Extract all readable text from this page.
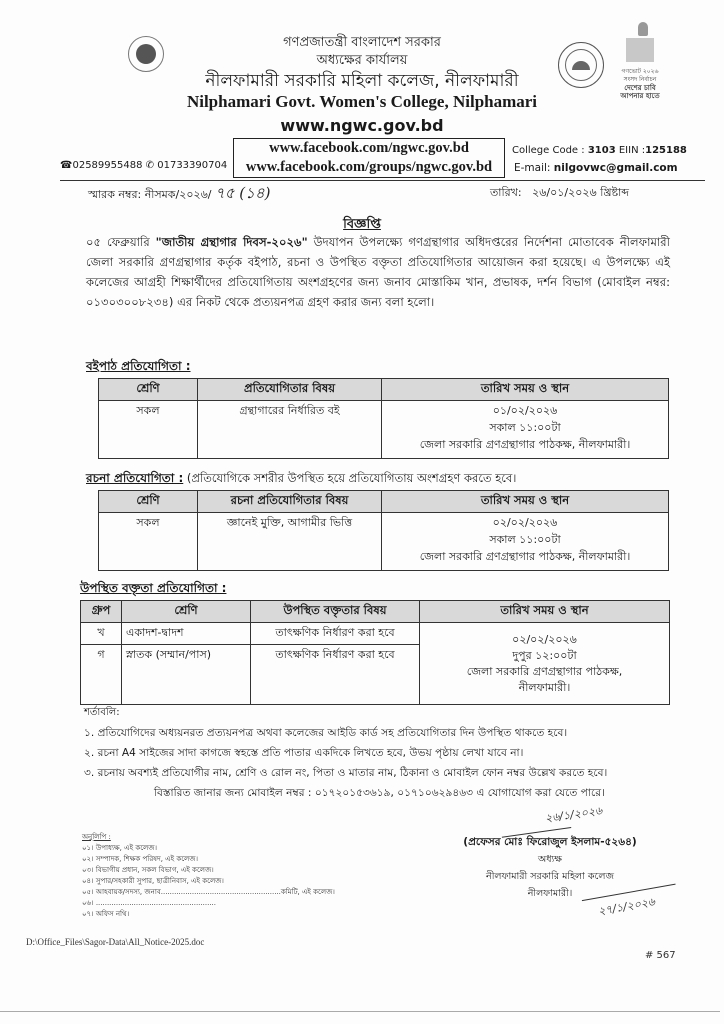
গণভোট ২০২৬
সংসদ নির্বাচন
দেশের চাবি
আপনার হাতে
গণপ্রজাতন্ত্রী বাংলাদেশ সরকার
অধ্যক্ষের কার্যালয়
নীলফামারী সরকারি মহিলা কলেজ, নীলফামারী
Nilphamari Govt. Women's College, Nilphamari
www.ngwc.gov.bd
www.facebook.com/ngwc.gov.bd
www.facebook.com/groups/ngwc.gov.bd
☎02589955488 ✆ 01733390704
College Code : 3103 EIIN :125188
E-mail: nilgovwc@gmail.com
স্মারক নম্বর: নীসমক/২০২৬/ ৭৫ (১৪)	তারিখ: ২৬/০১/২০২৬ খ্রিষ্টাব্দ
বিজ্ঞপ্তি
০৫ ফেব্রুয়ারি "জাতীয় গ্রন্থাগার দিবস-২০২৬" উদযাপন উপলক্ষ্যে গণগ্রন্থাগার অধিদপ্তরের নির্দেশনা মোতাবেক নীলফামারী জেলা সরকারি গ্রণগ্রন্থাগার কর্তৃক বইপাঠ, রচনা ও উপস্থিত বক্তৃতা প্রতিযোগিতার আয়োজন করা হয়েছে। এ উপলক্ষ্যে এই কলেজের আগ্রহী শিক্ষার্থীদের প্রতিযোগিতায় অংশগ্রহণের জন্য জনাব মোস্তাকিম খান, প্রভাষক, দর্শন বিভাগ (মোবাইল নম্বর: ০১৩০৩০০৮২৩৪) এর নিকট থেকে প্রত্যয়নপত্র গ্রহণ করার জন্য বলা হলো।
বইপাঠ প্রতিযোগিতা :
শ্রেণি	প্রতিযোগিতার বিষয়	তারিখ সময় ও স্থান
সকল	গ্রন্থাগারের নির্ধারিত বই	০১/০২/২০২৬
সকাল ১১:০০টা
জেলা সরকারি গ্রণগ্রন্থাগার পাঠকক্ষ, নীলফামারী।
রচনা প্রতিযোগিতা : (প্রতিযোগিকে সশরীর উপস্থিত হয়ে প্রতিযোগিতায় অংশগ্রহণ করতে হবে।
শ্রেণি	রচনা প্রতিযোগিতার বিষয়	তারিখ সময় ও স্থান
সকল	জ্ঞানেই মুক্তি, আগামীর ভিত্তি	০২/০২/২০২৬
সকাল ১১:০০টা
জেলা সরকারি গ্রণগ্রন্থাগার পাঠকক্ষ, নীলফামারী।
উপস্থিত বক্তৃতা প্রতিযোগিতা :
গ্রুপ	শ্রেণি	উপস্থিত বক্তৃতার বিষয়	তারিখ সময় ও স্থান
খ	একাদশ-দ্বাদশ	তাৎক্ষণিক নির্ধারণ করা হবে	০২/০২/২০২৬
দুপুর ১২:০০টা
জেলা সরকারি গ্রণগ্রন্থাগার পাঠকক্ষ,
নীলফামারী।

গ	স্নাতক (সম্মান/পাস)	তাৎক্ষণিক নির্ধারণ করা হবে	
শর্তাবলি:
১. প্রতিযোগিদের অধ্যয়নরত প্রত্যয়নপত্র অথবা কলেজের আইডি কার্ড সহ প্রতিযোগিতার দিন উপস্থিত থাকতে হবে।
২. রচনা A4 সাইজের সাদা কাগজে স্বহস্তে প্রতি পাতার একদিকে লিখতে হবে, উভয় পৃষ্ঠায় লেখা যাবে না।
৩. রচনায় অবশ্যই প্রতিযোগীর নাম, শ্রেণি ও রোল নং, পিতা ও মাতার নাম, ঠিকানা ও মোবাইল ফোন নম্বর উল্লেখ করতে হবে।
বিস্তারিত জানার জন্য মোবাইল নম্বর : ০১৭২০১৫৩৬১৯, ০১৭১০৬২৯৪৬৩ এ যোগাযোগ করা যেতে পারে।
২৬/১/২০২৬
(প্রফেসর মোঃ ফিরোজুল ইসলাম-৫২৬৪)
অধ্যক্ষ
নীলফামারী সরকারি মহিলা কলেজ
নীলফামারী।
২৭/১/২০২৬
অনুলিপি :
০১। উপাধ্যক্ষ, এই কলেজ।
০২। সম্পাদক, শিক্ষক পরিষদ, এই কলেজ।
০৩। বিভাগীয় প্রধান, সকল বিভাগ, এই কলেজ।
০৪। সুপার/সহকারী সুপার, ছাত্রীনিবাস, এই কলেজ।
০৫। আহবায়ক/সদস্য, জনাব......................................................কমিটি, এই কলেজ।
০৬। ......................................................
০৭। অফিস নথি।
D:\Office_Files\Sagor-Data\All_Notice-2025.doc
# 567
